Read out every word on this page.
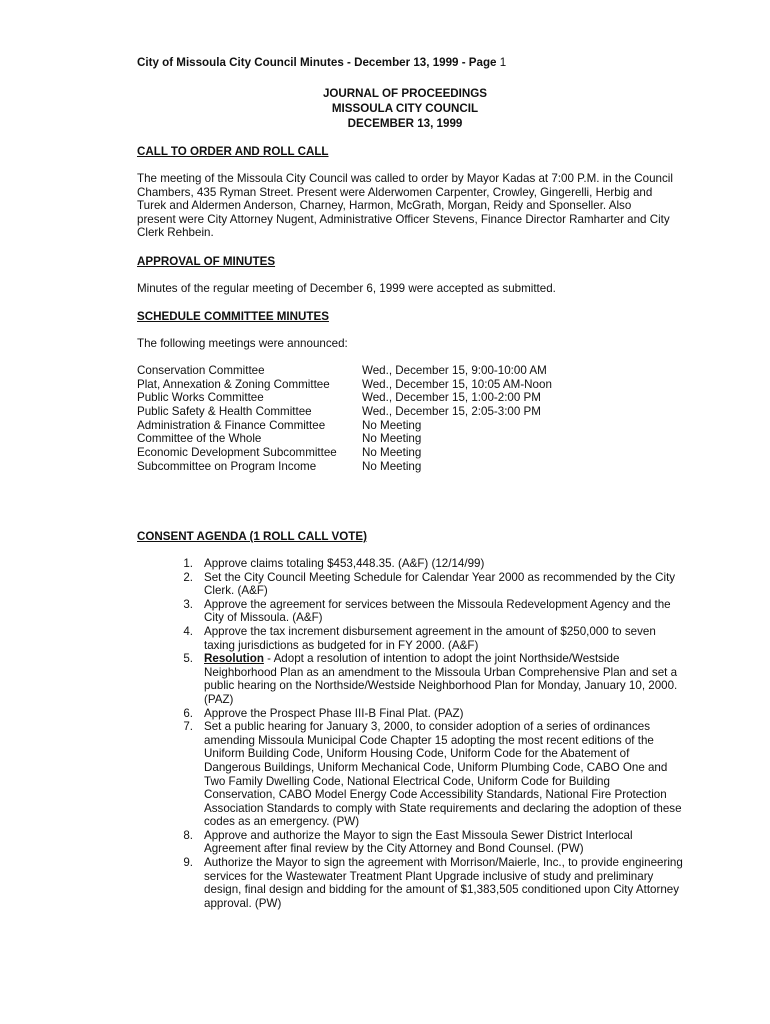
City of Missoula City Council Minutes - December 13, 1999 - Page 1
JOURNAL OF PROCEEDINGS
MISSOULA CITY COUNCIL
DECEMBER 13, 1999
CALL TO ORDER AND ROLL CALL
The meeting of the Missoula City Council was called to order by Mayor Kadas at 7:00 P.M. in the Council
Chambers, 435 Ryman Street. Present were Alderwomen Carpenter, Crowley, Gingerelli, Herbig and
Turek and Aldermen Anderson, Charney, Harmon, McGrath, Morgan, Reidy and Sponseller. Also
present were City Attorney Nugent, Administrative Officer Stevens, Finance Director Ramharter and City
Clerk Rehbein.
APPROVAL OF MINUTES
Minutes of the regular meeting of December 6, 1999 were accepted as submitted.
SCHEDULE COMMITTEE MINUTES
The following meetings were announced:
Conservation Committee	Wed., December 15, 9:00-10:00 AM
Plat, Annexation & Zoning Committee	Wed., December 15, 10:05 AM-Noon
Public Works Committee	Wed., December 15, 1:00-2:00 PM
Public Safety & Health Committee	Wed., December 15, 2:05-3:00 PM
Administration & Finance Committee	No Meeting
Committee of the Whole	No Meeting
Economic Development Subcommittee No Meeting
Subcommittee on Program Income	No Meeting
CONSENT AGENDA (1 ROLL CALL VOTE)
1. Approve claims totaling $453,448.35. (A&F) (12/14/99)
2. Set the City Council Meeting Schedule for Calendar Year 2000 as recommended by the City
Clerk. (A&F)
3. Approve the agreement for services between the Missoula Redevelopment Agency and the
City of Missoula. (A&F)
4. Approve the tax increment disbursement agreement in the amount of $250,000 to seven
taxing jurisdictions as budgeted for in FY 2000. (A&F)
5. Resolution - Adopt a resolution of intention to adopt the joint Northside/Westside
Neighborhood Plan as an amendment to the Missoula Urban Comprehensive Plan and set a
public hearing on the Northside/Westside Neighborhood Plan for Monday, January 10, 2000.
(PAZ)
6. Approve the Prospect Phase III-B Final Plat. (PAZ)
7. Set a public hearing for January 3, 2000, to consider adoption of a series of ordinances
amending Missoula Municipal Code Chapter 15 adopting the most recent editions of the
Uniform Building Code, Uniform Housing Code, Uniform Code for the Abatement of
Dangerous Buildings, Uniform Mechanical Code, Uniform Plumbing Code, CABO One and
Two Family Dwelling Code, National Electrical Code, Uniform Code for Building
Conservation, CABO Model Energy Code Accessibility Standards, National Fire Protection
Association Standards to comply with State requirements and declaring the adoption of these
codes as an emergency. (PW)
8. Approve and authorize the Mayor to sign the East Missoula Sewer District Interlocal
Agreement after final review by the City Attorney and Bond Counsel. (PW)
9. Authorize the Mayor to sign the agreement with Morrison/Maierle, Inc., to provide engineering
services for the Wastewater Treatment Plant Upgrade inclusive of study and preliminary
design, final design and bidding for the amount of $1,383,505 conditioned upon City Attorney
approval. (PW)
